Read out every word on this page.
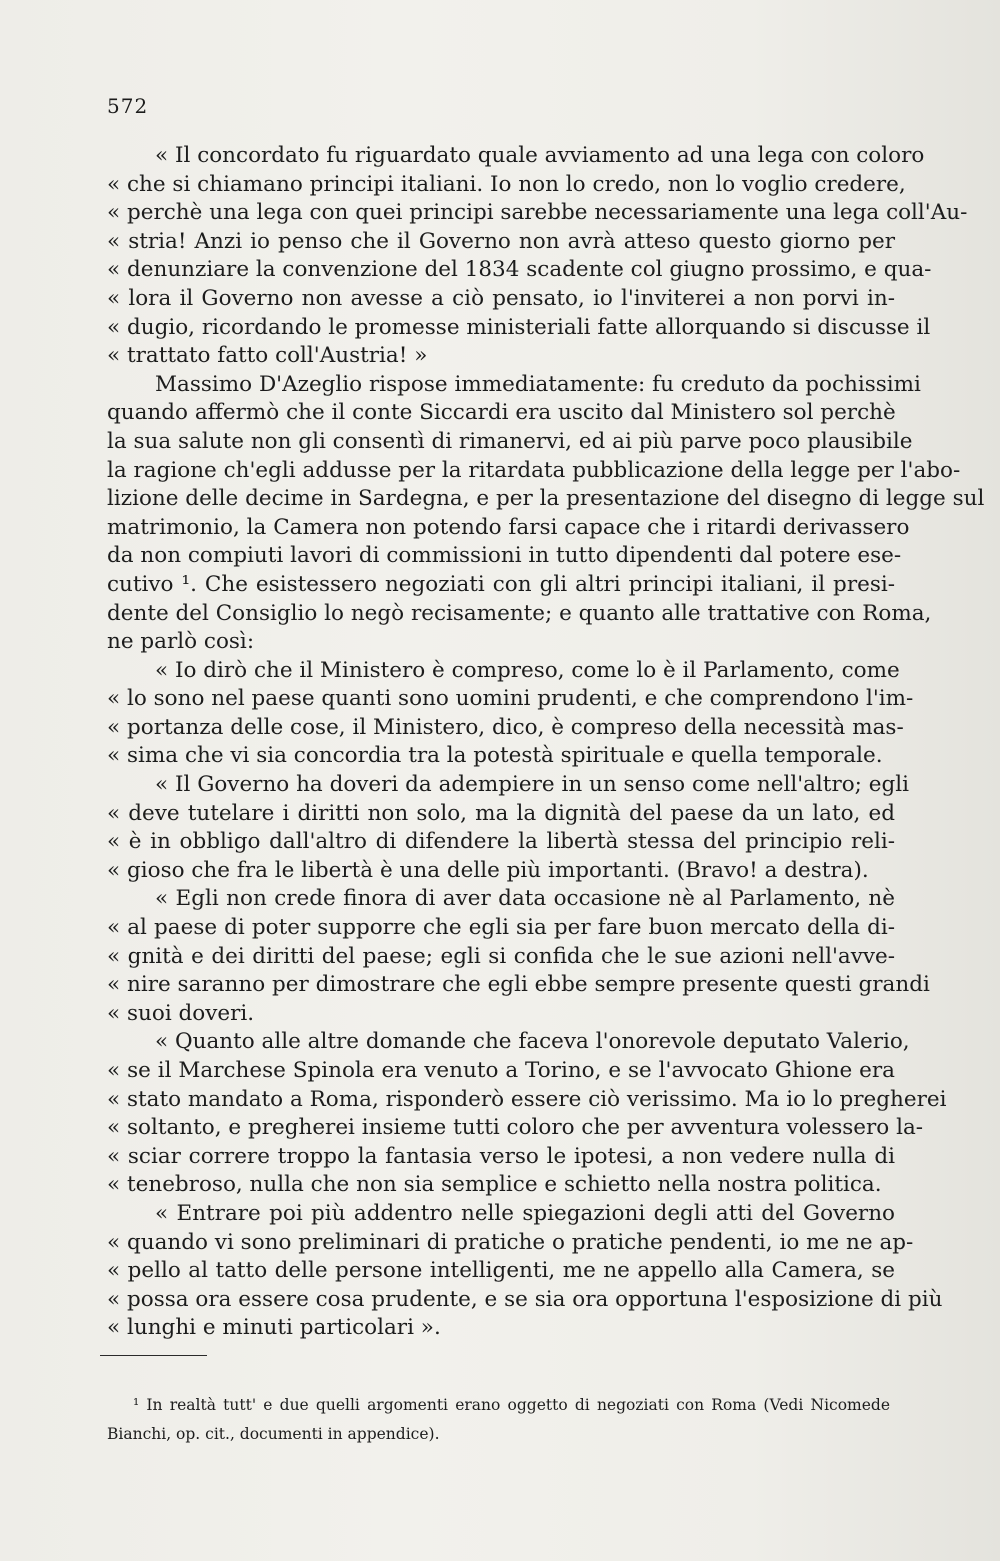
572
« Il concordato fu riguardato quale avviamento ad una lega con coloro
« che si chiamano principi italiani. Io non lo credo, non lo voglio credere,
« perchè una lega con quei principi sarebbe necessariamente una lega coll'Au-
« stria! Anzi io penso che il Governo non avrà atteso questo giorno per
« denunziare la convenzione del 1834 scadente col giugno prossimo, e qua-
« lora il Governo non avesse a ciò pensato, io l'inviterei a non porvi in-
« dugio, ricordando le promesse ministeriali fatte allorquando si discusse il
« trattato fatto coll'Austria! »
Massimo D'Azeglio rispose immediatamente: fu creduto da pochissimi
quando affermò che il conte Siccardi era uscito dal Ministero sol perchè
la sua salute non gli consentì di rimanervi, ed ai più parve poco plausibile
la ragione ch'egli addusse per la ritardata pubblicazione della legge per l'abo-
lizione delle decime in Sardegna, e per la presentazione del disegno di legge sul
matrimonio, la Camera non potendo farsi capace che i ritardi derivassero
da non compiuti lavori di commissioni in tutto dipendenti dal potere ese-
cutivo ¹. Che esistessero negoziati con gli altri principi italiani, il presi-
dente del Consiglio lo negò recisamente; e quanto alle trattative con Roma,
ne parlò così:
« Io dirò che il Ministero è compreso, come lo è il Parlamento, come
« lo sono nel paese quanti sono uomini prudenti, e che comprendono l'im-
« portanza delle cose, il Ministero, dico, è compreso della necessità mas-
« sima che vi sia concordia tra la potestà spirituale e quella temporale.
« Il Governo ha doveri da adempiere in un senso come nell'altro; egli
« deve tutelare i diritti non solo, ma la dignità del paese da un lato, ed
« è in obbligo dall'altro di difendere la libertà stessa del principio reli-
« gioso che fra le libertà è una delle più importanti. (Bravo! a destra).
« Egli non crede finora di aver data occasione nè al Parlamento, nè
« al paese di poter supporre che egli sia per fare buon mercato della di-
« gnità e dei diritti del paese; egli si confida che le sue azioni nell'avve-
« nire saranno per dimostrare che egli ebbe sempre presente questi grandi
« suoi doveri.
« Quanto alle altre domande che faceva l'onorevole deputato Valerio,
« se il Marchese Spinola era venuto a Torino, e se l'avvocato Ghione era
« stato mandato a Roma, risponderò essere ciò verissimo. Ma io lo pregherei
« soltanto, e pregherei insieme tutti coloro che per avventura volessero la-
« sciar correre troppo la fantasia verso le ipotesi, a non vedere nulla di
« tenebroso, nulla che non sia semplice e schietto nella nostra politica.
« Entrare poi più addentro nelle spiegazioni degli atti del Governo
« quando vi sono preliminari di pratiche o pratiche pendenti, io me ne ap-
« pello al tatto delle persone intelligenti, me ne appello alla Camera, se
« possa ora essere cosa prudente, e se sia ora opportuna l'esposizione di più
« lunghi e minuti particolari ».
¹ In realtà tutt' e due quelli argomenti erano oggetto di negoziati con Roma (Vedi Nicomede
Bianchi, op. cit., documenti in appendice).
